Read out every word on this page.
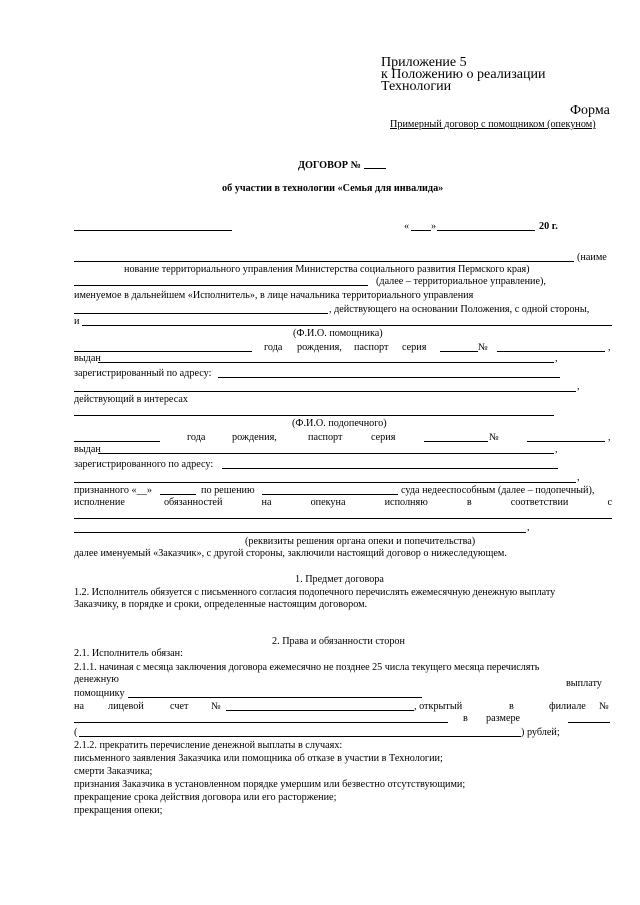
Приложение 5
к Положению о реализации
Технологии
Форма
Примерный договор с помощником (опекуном)
ДОГОВОР №
об участии в технологии «Семья для инвалида»
« »	20 г.
(наиме
нование территориального управления Министерства социального развития Пермского края)
(далее – территориальное управление),
именуемое в дальнейшем «Исполнитель», в лице начальника территориального управления
, действующего на основании Положения, с одной стороны,
и
(Ф.И.О. помощника)
года рождения, паспорт серия	№	,
выдан	,
зарегистрированный по адресу:
,
действующий в интересах
(Ф.И.О. подопечного)
года	рождения,	паспорт	серия	№	,
выдан	,
зарегистрированного по адресу:
,
признанного «__»	по решению	суда недееспособным (далее – подопечный),
исполнение	обязанностей	на	опекуна	исполняю	в	соответствии	с
,
(реквизиты решения органа опеки и попечительства)
далее именуемый «Заказчик», с другой стороны, заключили настоящий договор о нижеследующем.
1. Предмет договора
1.2. Исполнитель обязуется с письменного согласия подопечного перечислять ежемесячную денежную выплату
Заказчику, в порядке и сроки, определенные настоящим договором.
2. Права и обязанности сторон
2.1. Исполнитель обязан:
2.1.1. начиная с месяца заключения договора ежемесячно не позднее 25 числа текущего месяца перечислять
денежную	выплату
помощнику
на лицевой	счет №	, открытый	в	филиале №
в размере
(	) рублей;
2.1.2. прекратить перечисление денежной выплаты в случаях:
письменного заявления Заказчика или помощника об отказе в участии в Технологии;
смерти Заказчика;
признания Заказчика в установленном порядке умершим или безвестно отсутствующими;
прекращение срока действия договора или его расторжение;
прекращения опеки;
